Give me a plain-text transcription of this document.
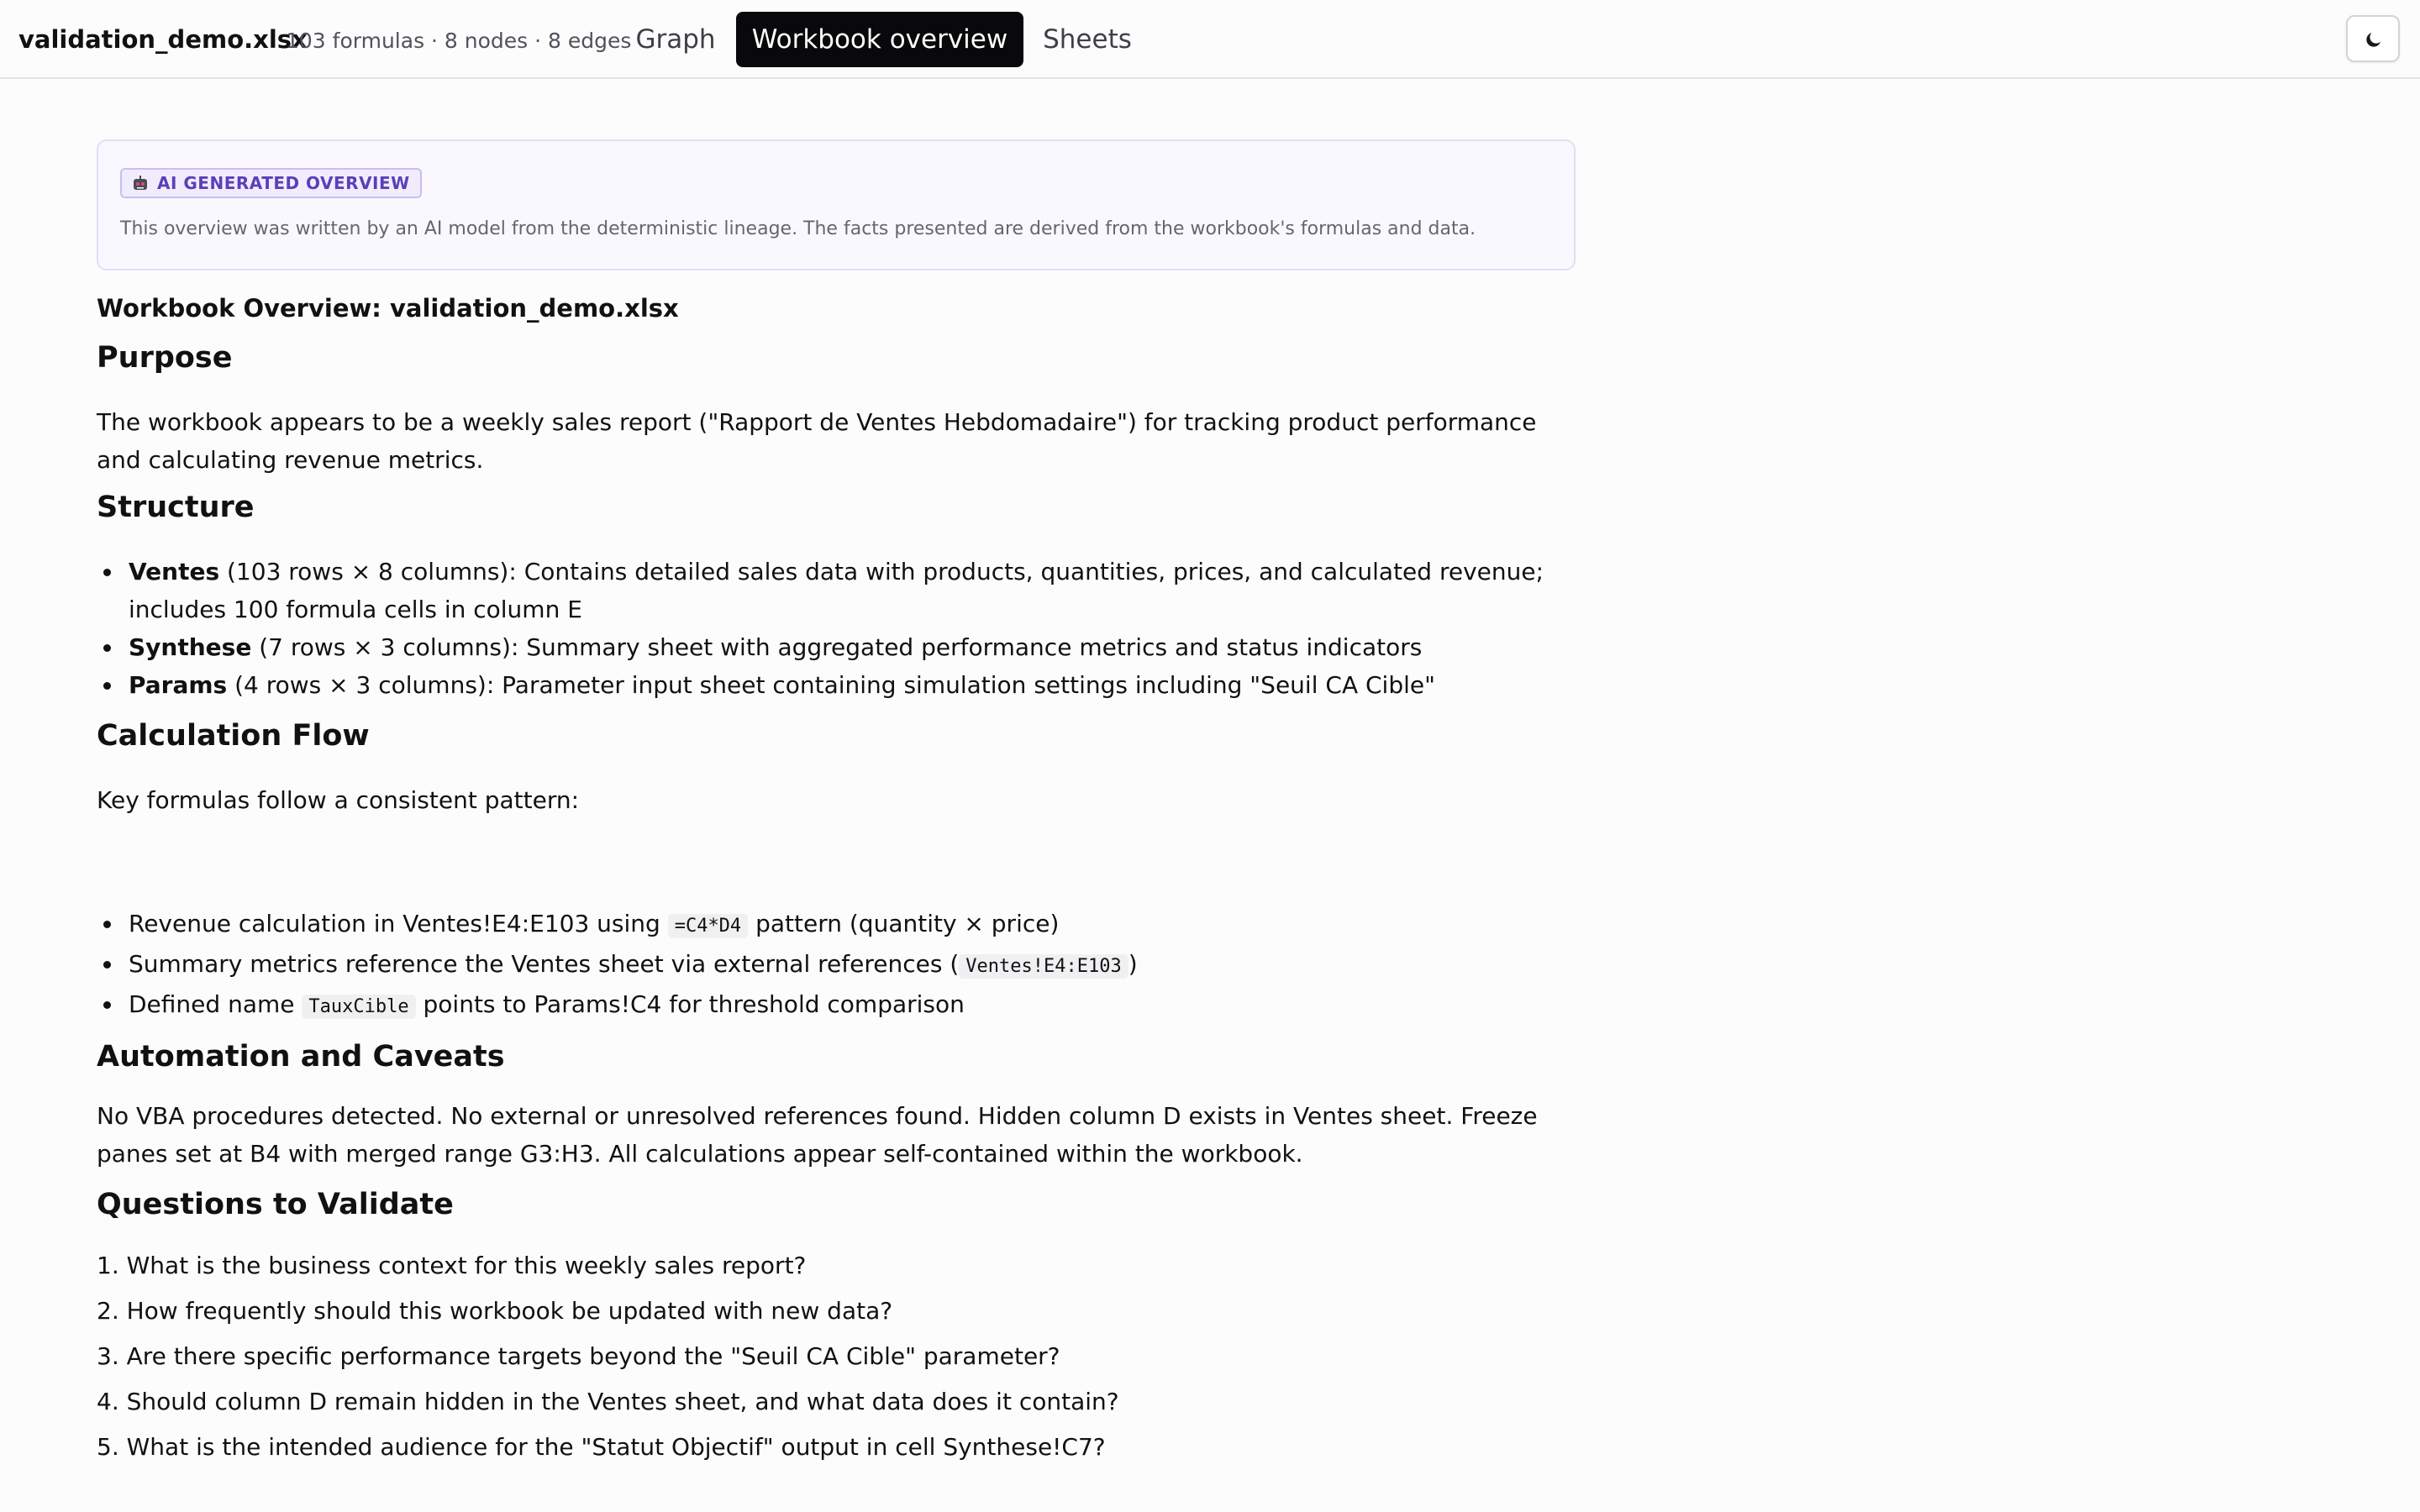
validation_demo.xlsx
103 formulas · 8 nodes · 8 edges Graph	Workbook overview	Sheets
AI GENERATED OVERVIEW
This overview was written by an AI model from the deterministic lineage. The facts presented are derived from the workbook's formulas and data.
Workbook Overview: validation_demo.xlsx
Purpose
The workbook appears to be a weekly sales report ("Rapport de Ventes Hebdomadaire") for tracking product performance and calculating revenue metrics.
Structure
Ventes (103 rows × 8 columns): Contains detailed sales data with products, quantities, prices, and calculated revenue; includes 100 formula cells in column E
Synthese (7 rows × 3 columns): Summary sheet with aggregated performance metrics and status indicators
Params (4 rows × 3 columns): Parameter input sheet containing simulation settings including "Seuil CA Cible"
Calculation Flow
Key formulas follow a consistent pattern:
Revenue calculation in Ventes!E4:E103 using =C4*D4 pattern (quantity × price)
Summary metrics reference the Ventes sheet via external references ( Ventes!E4:E103 )
Defined name TauxCible points to Params!C4 for threshold comparison
Automation and Caveats
No VBA procedures detected. No external or unresolved references found. Hidden column D exists in Ventes sheet. Freeze panes set at B4 with merged range G3:H3. All calculations appear self-contained within the workbook.
Questions to Validate
1. What is the business context for this weekly sales report?
2. How frequently should this workbook be updated with new data?
3. Are there specific performance targets beyond the "Seuil CA Cible" parameter?
4. Should column D remain hidden in the Ventes sheet, and what data does it contain?
5. What is the intended audience for the "Statut Objectif" output in cell Synthese!C7?
